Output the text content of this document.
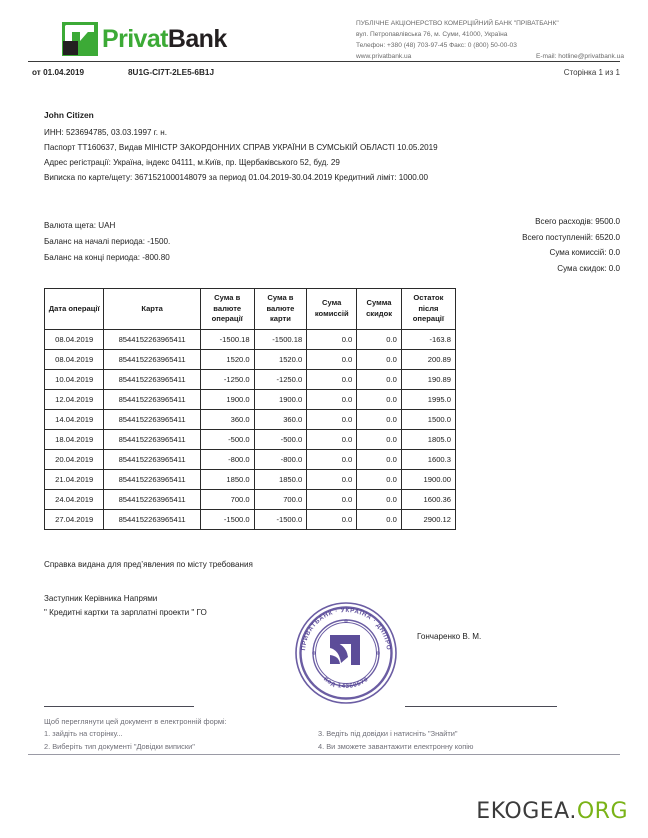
PrivatBank
ПУБЛІЧНЕ АКЦІОНЕРСТВО КОМЕРЦІЙНИЙ БАНК "ПРІВАТБАНК"
вул. Петропавлівська 76, м. Суми, 41000, Україна
Телефон: +380 (48) 703-97-45 Факс: 0 (800) 50-00-03
www.privatbank.ua	E-mail: hotline@privatbank.ua
от 01.04.2019	8U1G-CI7T-2LE5-6B1J	Сторінка 1 из 1
John Citizen
ИНН: 523694785, 03.03.1997 г. н.
Паспорт ТТ160637, Видав МІНІСТР ЗАКОРДОННИХ СПРАВ УКРАЇНИ В СУМСЬКІЙ ОБЛАСТІ 10.05.2019
Адрес регістрації: Україна, індекс 04111, м.Київ, пр. Щербаківського 52, буд. 29
Виписка по карте/щету: 3671521000148079 за период 01.04.2019-30.04.2019 Кредитний ліміт: 1000.00
Валюта щета: UAH
Баланс на началі периода: -1500.
Баланс на концi периода: -800.80
Всего расходів: 9500.0
Всего поступленій: 6520.0
Сума комиссій: 0.0
Сума скидок: 0.0
Дата операції	Карта	Сума в валюте операції	Сума в валюте карти	Сума комиссій	Сумма скидок	Остаток після операції
08.04.2019	8544152263965411	-1500.18	-1500.18	0.0	0.0	-163.8
08.04.2019	8544152263965411	1520.0	1520.0	0.0	0.0	200.89
10.04.2019	8544152263965411	-1250.0	-1250.0	0.0	0.0	190.89
12.04.2019	8544152263965411	1900.0	1900.0	0.0	0.0	1995.0
14.04.2019	8544152263965411	360.0	360.0	0.0	0.0	1500.0
18.04.2019	8544152263965411	-500.0	-500.0	0.0	0.0	1805.0
20.04.2019	8544152263965411	-800.0	-800.0	0.0	0.0	1600.3
21.04.2019	8544152263965411	1850.0	1850.0	0.0	0.0	1900.00
24.04.2019	8544152263965411	700.0	700.0	0.0	0.0	1600.36
27.04.2019	8544152263965411	-1500.0	-1500.0	0.0	0.0	2900.12
Справка видана для пред’явления по місту требования
Заступник Керівника Напрями
" Кредитні картки та зарплатні проекти " ГО
ПРИВАТБАНК · УКРАЇНА · ДНІПРО
Код 14360570
Гончаренко В. М.
Щоб переглянути цей документ в електронній формі:
1. зайдіть на сторінку...
2. Виберіть тип документі "Довідки виписки"
3. Ведіть під довідки і натисніть "Знайти"
4. Ви зможете завантажити електронну копію
EKOGEA.ORG
